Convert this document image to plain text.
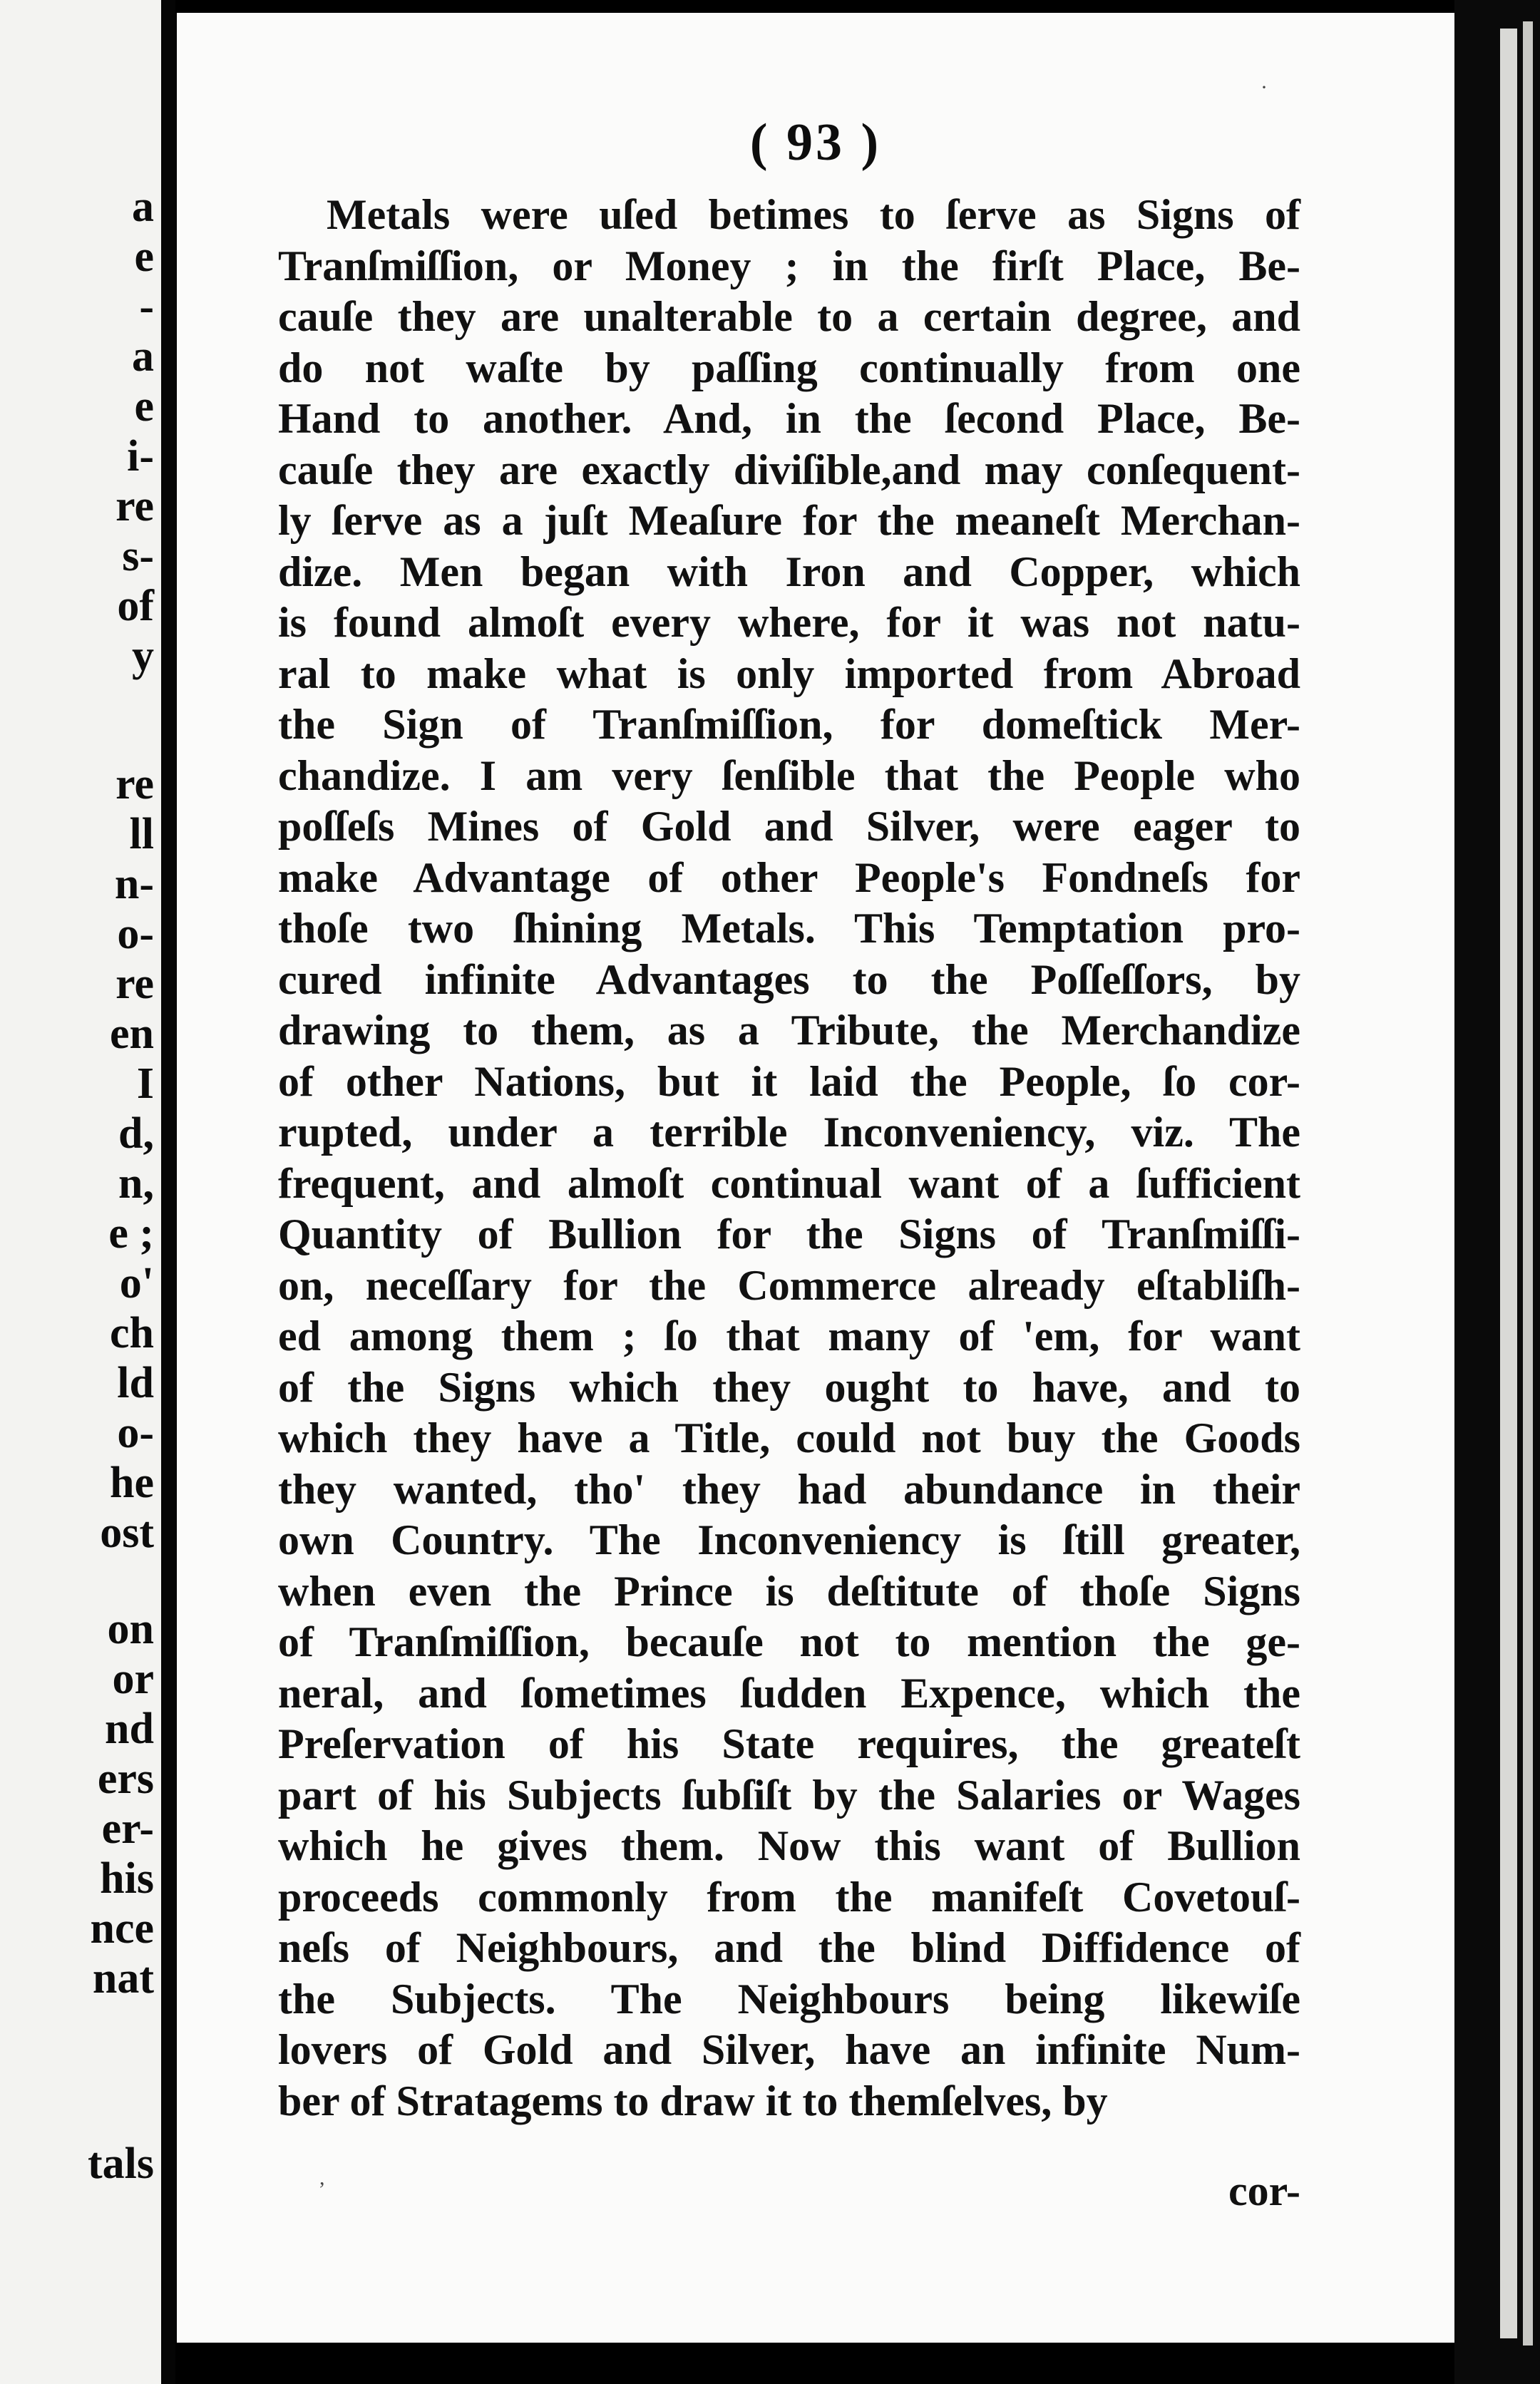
a
e
-
a
e
i-
re
s-
of
y
re
ll
n-
o-
re
en
I
d,
n,
e ;
o'
ch
ld
o-
he
ost
on
or
nd
ers
er-
his
nce
nat
tals
( 93 )
Metals were uſed betimes to ſerve as Signs of
Tranſmiſſion, or Money ; in the firſt Place, Be-
cauſe they are unalterable to a certain degree, and
do not waſte by paſſing continually from one
Hand to another. And, in the ſecond Place, Be-
cauſe they are exactly diviſible,and may conſequent-
ly ſerve as a juſt Meaſure for the meaneſt Merchan-
dize. Men began with Iron and Copper, which
is found almoſt every where, for it was not natu-
ral to make what is only imported from Abroad
the Sign of Tranſmiſſion, for domeſtick Mer-
chandize. I am very ſenſible that the People who
poſſeſs Mines of Gold and Silver, were eager to
make Advantage of other People's Fondneſs for
thoſe two ſhining Metals. This Temptation pro-
cured infinite Advantages to the Poſſeſſors, by
drawing to them, as a Tribute, the Merchandize
of other Nations, but it laid the People, ſo cor-
rupted, under a terrible Inconveniency, viz. The
frequent, and almoſt continual want of a ſufficient
Quantity of Bullion for the Signs of Tranſmiſſi-
on, neceſſary for the Commerce already eſtabliſh-
ed among them ; ſo that many of 'em, for want
of the Signs which they ought to have, and to
which they have a Title, could not buy the Goods
they wanted, tho' they had abundance in their
own Country. The Inconveniency is ſtill greater,
when even the Prince is deſtitute of thoſe Signs
of Tranſmiſſion, becauſe not to mention the ge-
neral, and ſometimes ſudden Expence, which the
Preſervation of his State requires, the greateſt
part of his Subjects ſubſiſt by the Salaries or Wages
which he gives them. Now this want of Bullion
proceeds commonly from the manifeſt Covetouſ-
neſs of Neighbours, and the blind Diffidence of
the Subjects. The Neighbours being likewiſe
lovers of Gold and Silver, have an infinite Num-
ber of Stratagems to draw it to themſelves, by
cor-
·
,
